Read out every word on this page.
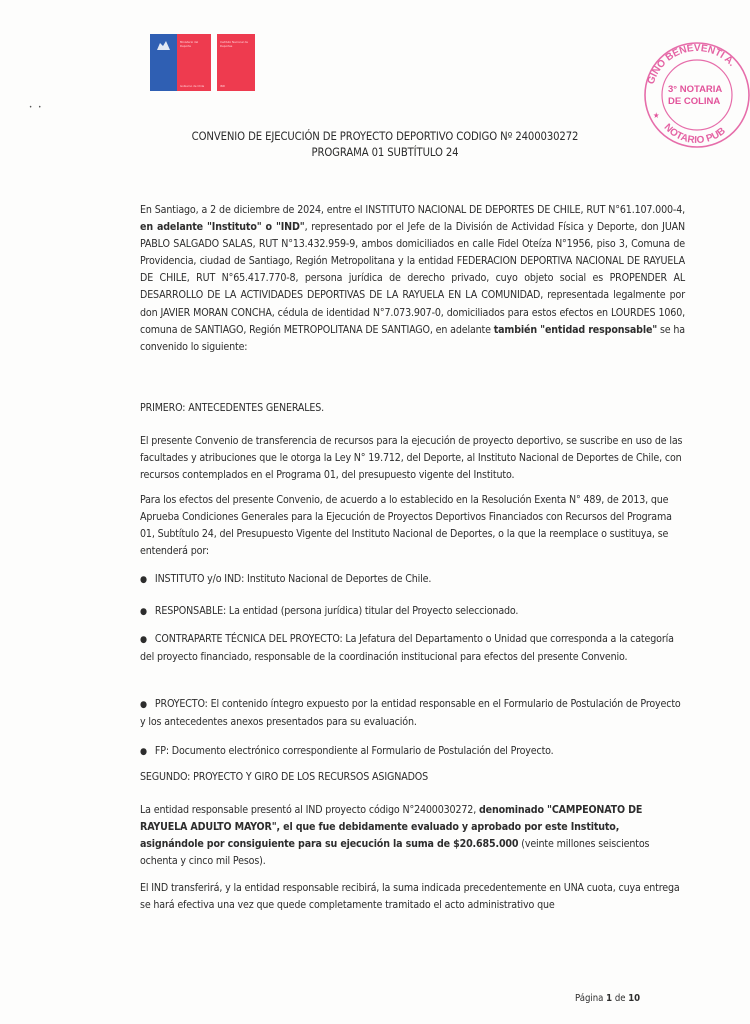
Ministerio del Deporte
Gobierno de Chile
Instituto Nacional de Deportes
IND
GINO BENEVENTI A.
NOTARIO PUB
3° NOTARIA
DE COLINA
★
••
CONVENIO DE EJECUCIÓN DE PROYECTO DEPORTIVO CODIGO Nº 2400030272
PROGRAMA 01 SUBTÍTULO 24

En Santiago, a 2 de diciembre de 2024, entre el INSTITUTO NACIONAL DE DEPORTES DE CHILE, RUT N°61.107.000-4, en adelante "Instituto" o "IND", representado por el Jefe de la División de Actividad Física y Deporte, don JUAN PABLO SALGADO SALAS, RUT N°13.432.959-9, ambos domiciliados en calle Fidel Oteíza N°1956, piso 3, Comuna de Providencia, ciudad de Santiago, Región Metropolitana y la entidad FEDERACION DEPORTIVA NACIONAL DE RAYUELA DE CHILE, RUT N°65.417.770-8, persona jurídica de derecho privado, cuyo objeto social es PROPENDER AL DESARROLLO DE LA ACTIVIDADES DEPORTIVAS DE LA RAYUELA EN LA COMUNIDAD, representada legalmente por don JAVIER MORAN CONCHA, cédula de identidad N°7.073.907-0, domiciliados para estos efectos en LOURDES 1060, comuna de SANTIAGO, Región METROPOLITANA DE SANTIAGO, en adelante también "entidad responsable" se ha convenido lo siguiente:

PRIMERO: ANTECEDENTES GENERALES.
El presente Convenio de transferencia de recursos para la ejecución de proyecto deportivo, se suscribe en uso de las facultades y atribuciones que le otorga la Ley N° 19.712, del Deporte, al Instituto Nacional de Deportes de Chile, con recursos contemplados en el Programa 01, del presupuesto vigente del Instituto.
Para los efectos del presente Convenio, de acuerdo a lo establecido en la Resolución Exenta N° 489, de 2013, que Aprueba Condiciones Generales para la Ejecución de Proyectos Deportivos Financiados con Recursos del Programa 01, Subtítulo 24, del Presupuesto Vigente del Instituto Nacional de Deportes, o la que la reemplace o sustituya, se entenderá por:
● INSTITUTO y/o IND: Instituto Nacional de Deportes de Chile.
● RESPONSABLE: La entidad (persona jurídica) titular del Proyecto seleccionado.
● CONTRAPARTE TÉCNICA DEL PROYECTO: La Jefatura del Departamento o Unidad que corresponda a la categoría del proyecto financiado, responsable de la coordinación institucional para efectos del presente Convenio.
● PROYECTO: El contenido íntegro expuesto por la entidad responsable en el Formulario de Postulación de Proyecto y los antecedentes anexos presentados para su evaluación.
● FP: Documento electrónico correspondiente al Formulario de Postulación del Proyecto.
SEGUNDO: PROYECTO Y GIRO DE LOS RECURSOS ASIGNADOS
La entidad responsable presentó al IND proyecto código N°2400030272, denominado "CAMPEONATO DE RAYUELA ADULTO MAYOR", el que fue debidamente evaluado y aprobado por este Instituto, asignándole por consiguiente para su ejecución la suma de $20.685.000 (veinte millones seiscientos ochenta y cinco mil Pesos).
El IND transferirá, y la entidad responsable recibirá, la suma indicada precedentemente en UNA cuota, cuya entrega se hará efectiva una vez que quede completamente tramitado el acto administrativo que
Página 1 de 10
